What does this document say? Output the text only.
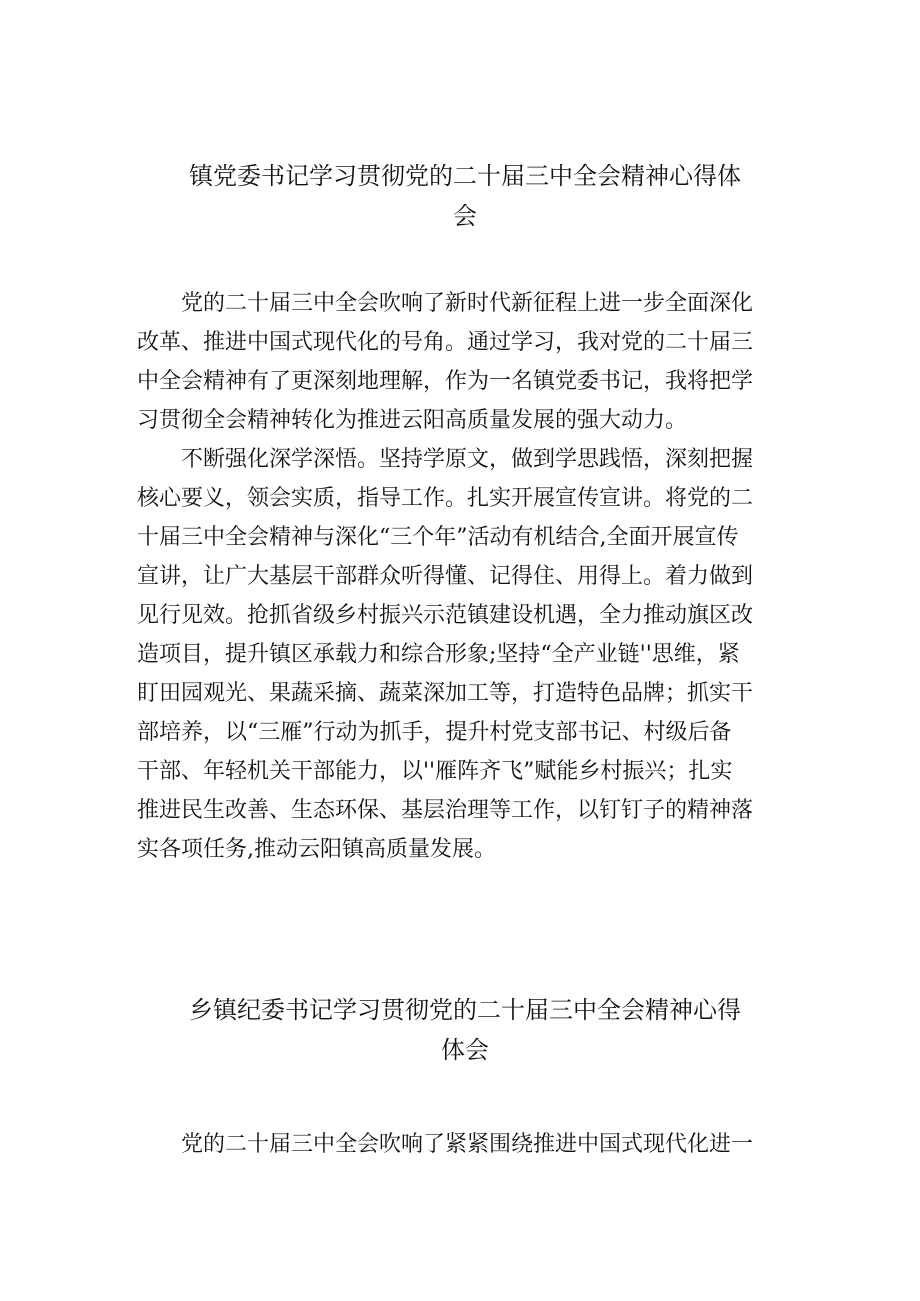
镇党委书记学习贯彻党的二十届三中全会精神心得体
会

党的二十届三中全会吹响了新时代新征程上进一步全面深化
改革、推进中国式现代化的号角。通过学习，我对党的二十届三
中全会精神有了更深刻地理解，作为一名镇党委书记，我将把学
习贯彻全会精神转化为推进云阳高质量发展的强大动力。

不断强化深学深悟。坚持学原文，做到学思践悟，深刻把握
核心要义，领会实质，指导工作。扎实开展宣传宣讲。将党的二
十届三中全会精神与深化“三个年”活动有机结合,全面开展宣传
宣讲，让广大基层干部群众听得懂、记得住、用得上。着力做到
见行见效。抢抓省级乡村振兴示范镇建设机遇，全力推动旗区改
造项目，提升镇区承载力和综合形象;坚持“全产业链''思维，紧
盯田园观光、果蔬采摘、蔬菜深加工等，打造特色品牌；抓实干
部培养，以“三雁”行动为抓手，提升村党支部书记、村级后备
干部、年轻机关干部能力，以''雁阵齐飞”赋能乡村振兴；扎实
推进民生改善、生态环保、基层治理等工作，以钉钉子的精神落
实各项任务,推动云阳镇高质量发展。

乡镇纪委书记学习贯彻党的二十届三中全会精神心得
体会

党的二十届三中全会吹响了紧紧围绕推进中国式现代化进一
